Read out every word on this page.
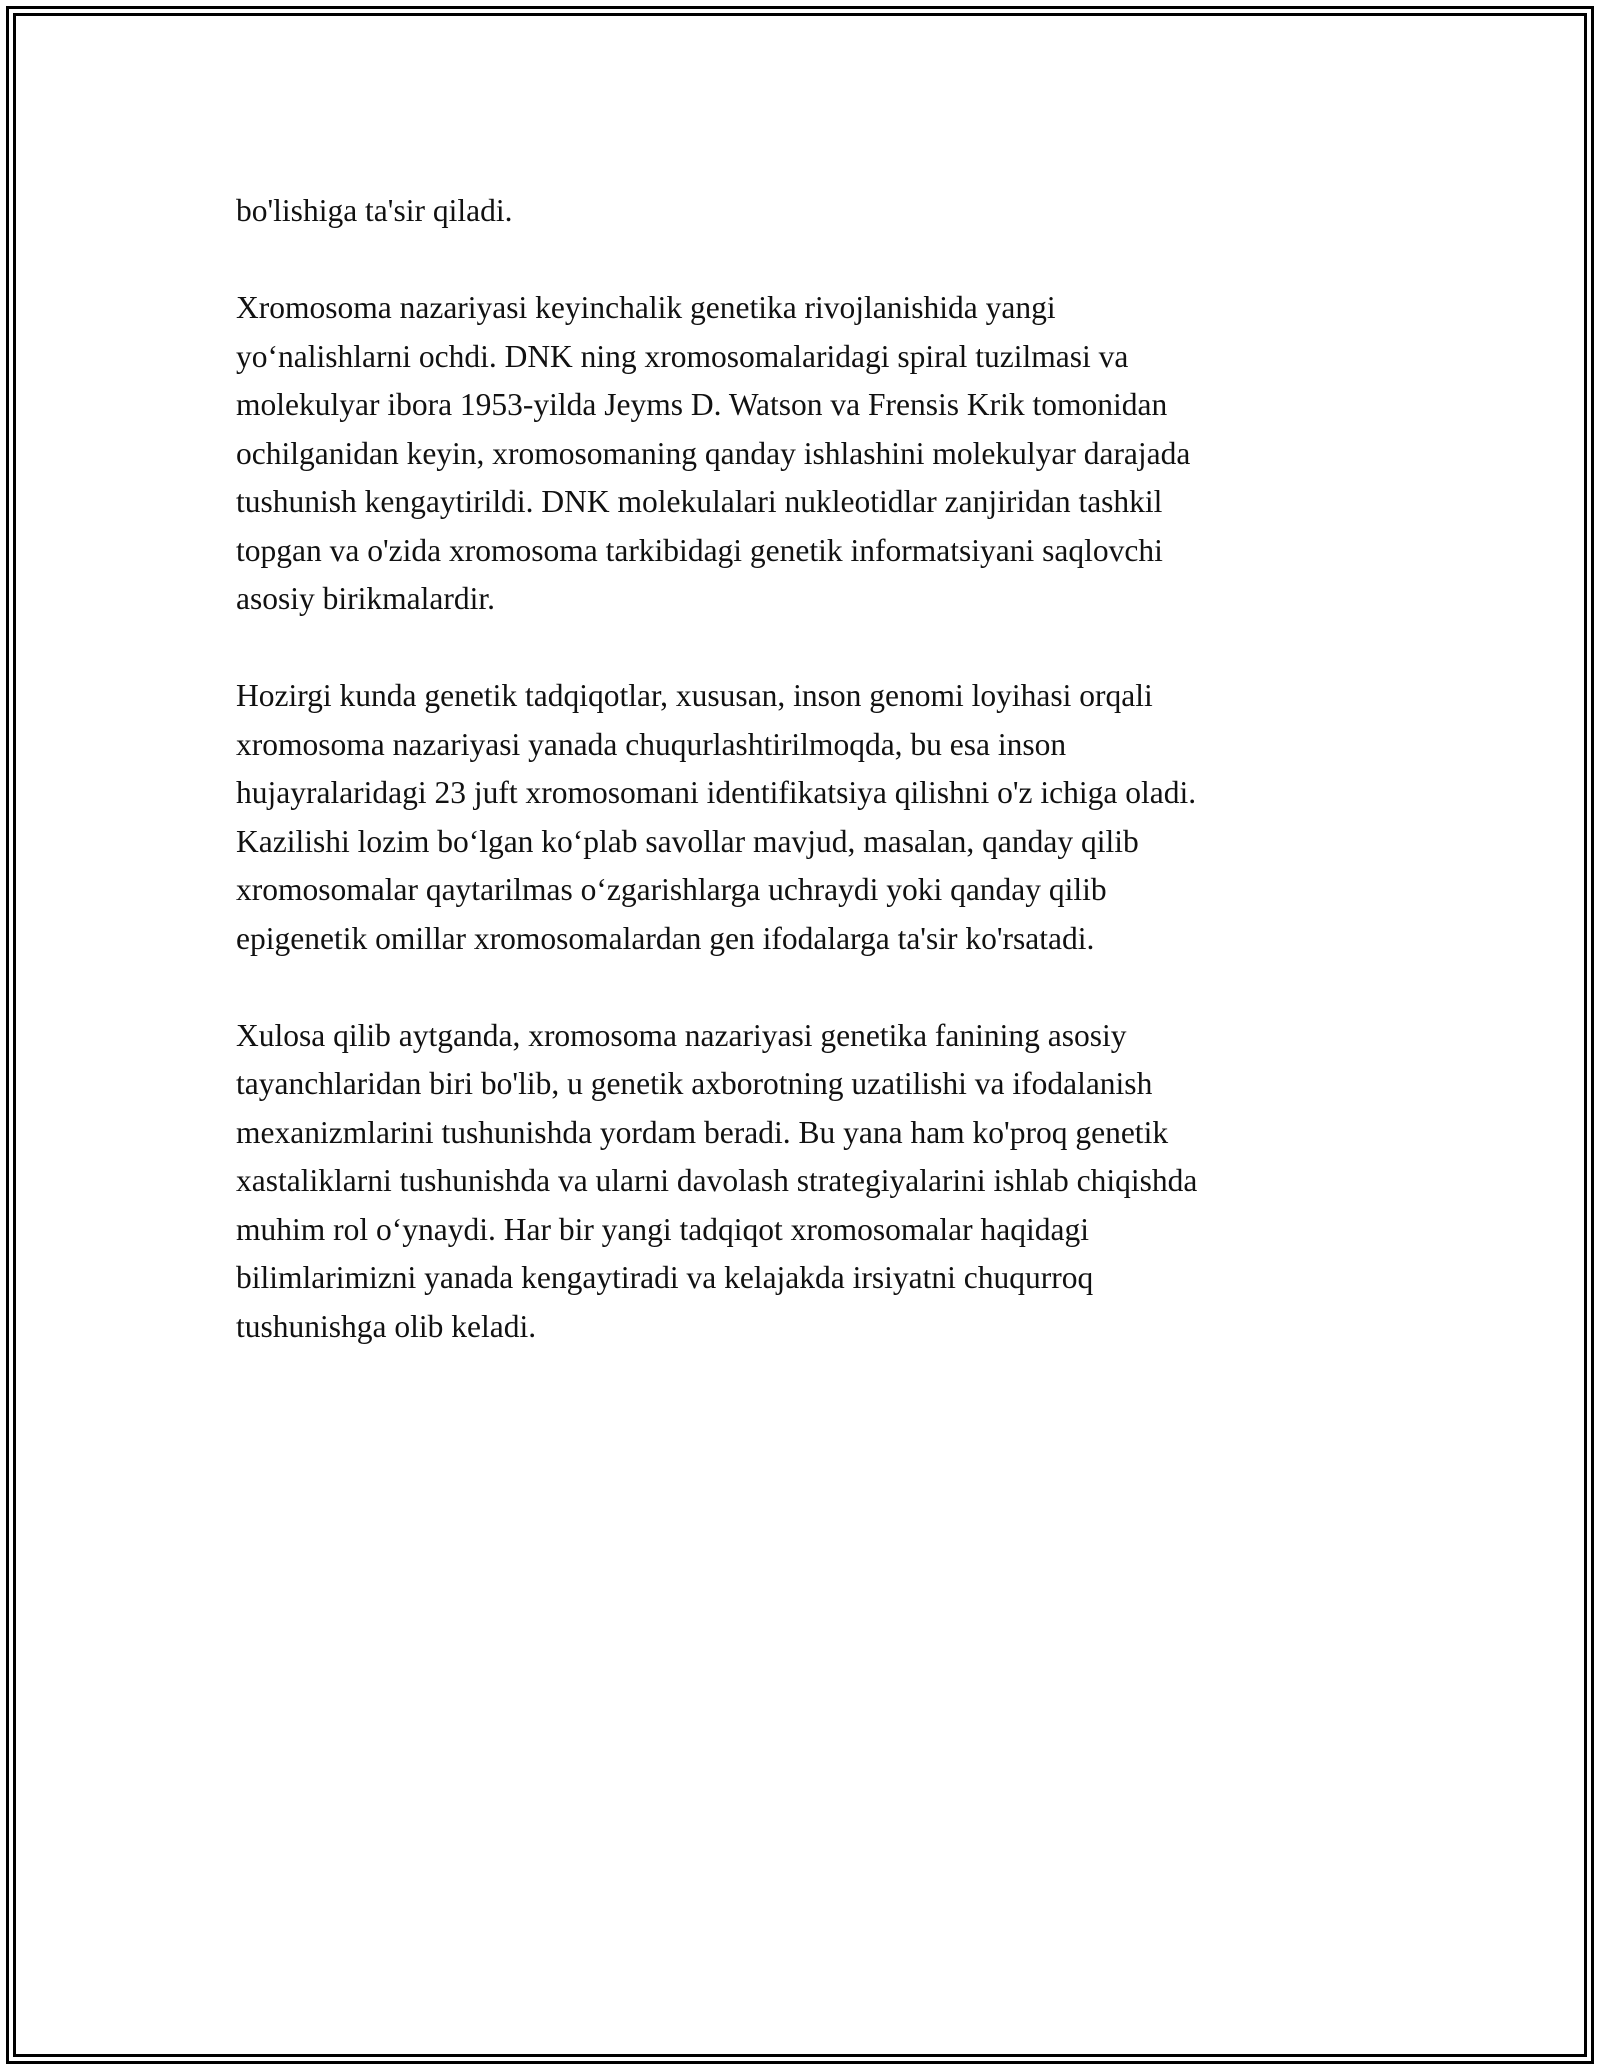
bo'lishiga ta'sir qiladi.

Xromosoma nazariyasi keyinchalik genetika rivojlanishida yangi
yo‘nalishlarni ochdi. DNK ning xromosomalaridagi spiral tuzilmasi va
molekulyar ibora 1953-yilda Jeyms D. Watson va Frensis Krik tomonidan
ochilganidan keyin, xromosomaning qanday ishlashini molekulyar darajada
tushunish kengaytirildi. DNK molekulalari nukleotidlar zanjiridan tashkil
topgan va o'zida xromosoma tarkibidagi genetik informatsiyani saqlovchi
asosiy birikmalardir.

Hozirgi kunda genetik tadqiqotlar, xususan, inson genomi loyihasi orqali
xromosoma nazariyasi yanada chuqurlashtirilmoqda, bu esa inson
hujayralaridagi 23 juft xromosomani identifikatsiya qilishni o'z ichiga oladi.
Kazilishi lozim bo‘lgan ko‘plab savollar mavjud, masalan, qanday qilib
xromosomalar qaytarilmas o‘zgarishlarga uchraydi yoki qanday qilib
epigenetik omillar xromosomalardan gen ifodalarga ta'sir ko'rsatadi.

Xulosa qilib aytganda, xromosoma nazariyasi genetika fanining asosiy
tayanchlaridan biri bo'lib, u genetik axborotning uzatilishi va ifodalanish
mexanizmlarini tushunishda yordam beradi. Bu yana ham ko'proq genetik
xastaliklarni tushunishda va ularni davolash strategiyalarini ishlab chiqishda
muhim rol o‘ynaydi. Har bir yangi tadqiqot xromosomalar haqidagi
bilimlarimizni yanada kengaytiradi va kelajakda irsiyatni chuqurroq
tushunishga olib keladi.
